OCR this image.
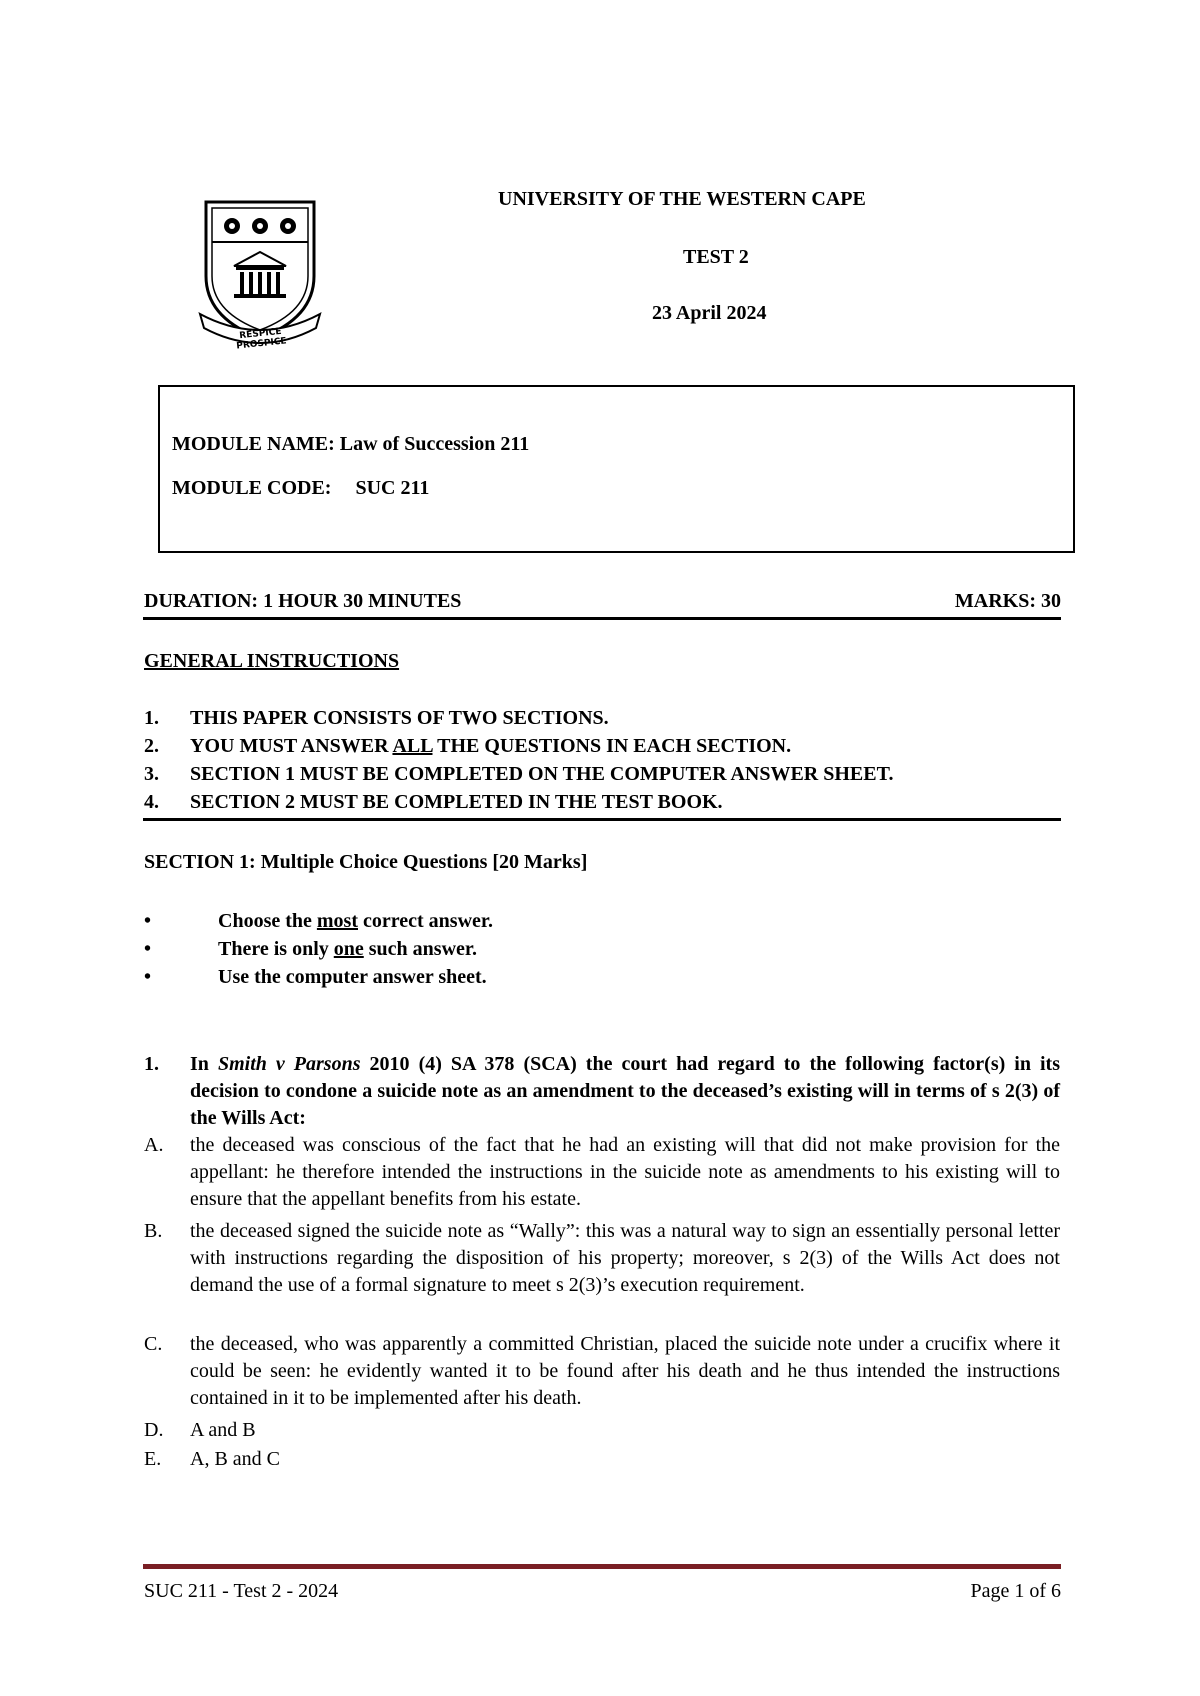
RESPICE PROSPICE
UNIVERSITY OF THE WESTERN CAPE
TEST 2
23 April 2024
MODULE NAME: Law of Succession 211
MODULE CODE: SUC 211
DURATION: 1 HOUR 30 MINUTES	MARKS: 30
GENERAL INSTRUCTIONS
1. THIS PAPER CONSISTS OF TWO SECTIONS.
2. YOU MUST ANSWER ALL THE QUESTIONS IN EACH SECTION.
3. SECTION 1 MUST BE COMPLETED ON THE COMPUTER ANSWER SHEET.
4. SECTION 2 MUST BE COMPLETED IN THE TEST BOOK.
SECTION 1: Multiple Choice Questions [20 Marks]
•	Choose the most correct answer.
•	There is only one such answer.
•	Use the computer answer sheet.
1. In Smith v Parsons 2010 (4) SA 378 (SCA) the court had regard to the following factor(s) in its decision to condone a suicide note as an amendment to the deceased’s existing will in terms of s 2(3) of the Wills Act:
A. the deceased was conscious of the fact that he had an existing will that did not make provision for the appellant: he therefore intended the instructions in the suicide note as amendments to his existing will to ensure that the appellant benefits from his estate.
B. the deceased signed the suicide note as “Wally”: this was a natural way to sign an essentially personal letter with instructions regarding the disposition of his property; moreover, s 2(3) of the Wills Act does not demand the use of a formal signature to meet s 2(3)’s execution requirement.
C. the deceased, who was apparently a committed Christian, placed the suicide note under a crucifix where it could be seen: he evidently wanted it to be found after his death and he thus intended the instructions contained in it to be implemented after his death.
D. A and B
E. A, B and C
SUC 211 - Test 2 - 2024	Page 1 of 6
